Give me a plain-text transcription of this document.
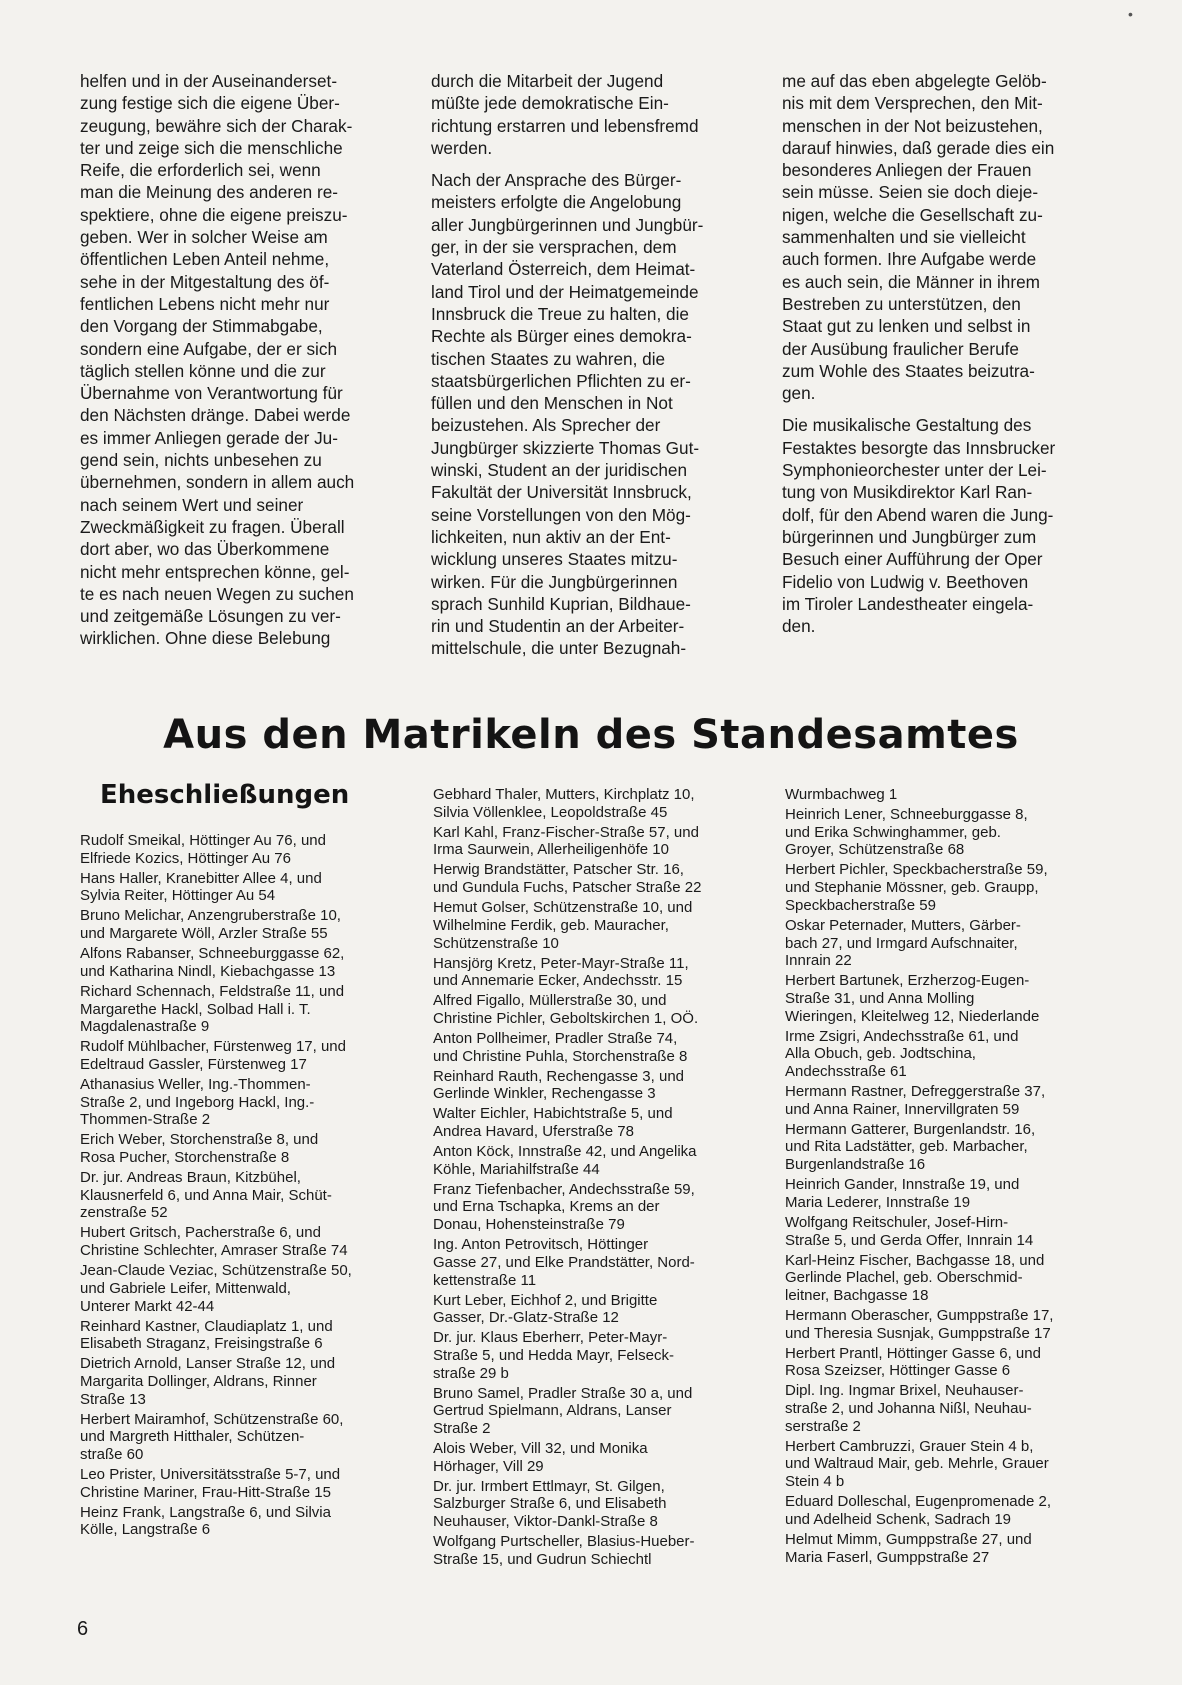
•

helfen und in der Auseinanderset-
zung festige sich die eigene Über-
zeugung, bewähre sich der Charak-
ter und zeige sich die menschliche
Reife, die erforderlich sei, wenn
man die Meinung des anderen re-
spektiere, ohne die eigene preiszu-
geben. Wer in solcher Weise am
öffentlichen Leben Anteil nehme,
sehe in der Mitgestaltung des öf-
fentlichen Lebens nicht mehr nur
den Vorgang der Stimmabgabe,
sondern eine Aufgabe, der er sich
täglich stellen könne und die zur
Übernahme von Verantwortung für
den Nächsten dränge. Dabei werde
es immer Anliegen gerade der Ju-
gend sein, nichts unbesehen zu
übernehmen, sondern in allem auch
nach seinem Wert und seiner
Zweckmäßigkeit zu fragen. Überall
dort aber, wo das Überkommene
nicht mehr entsprechen könne, gel-
te es nach neuen Wegen zu suchen
und zeitgemäße Lösungen zu ver-
wirklichen. Ohne diese Belebung

durch die Mitarbeit der Jugend
müßte jede demokratische Ein-
richtung erstarren und lebensfremd
werden.

Nach der Ansprache des Bürger-
meisters erfolgte die Angelobung
aller Jungbürgerinnen und Jungbür-
ger, in der sie versprachen, dem
Vaterland Österreich, dem Heimat-
land Tirol und der Heimatgemeinde
Innsbruck die Treue zu halten, die
Rechte als Bürger eines demokra-
tischen Staates zu wahren, die
staatsbürgerlichen Pflichten zu er-
füllen und den Menschen in Not
beizustehen. Als Sprecher der
Jungbürger skizzierte Thomas Gut-
winski, Student an der juridischen
Fakultät der Universität Innsbruck,
seine Vorstellungen von den Mög-
lichkeiten, nun aktiv an der Ent-
wicklung unseres Staates mitzu-
wirken. Für die Jungbürgerinnen
sprach Sunhild Kuprian, Bildhaue-
rin und Studentin an der Arbeiter-
mittelschule, die unter Bezugnah-

me auf das eben abgelegte Gelöb-
nis mit dem Versprechen, den Mit-
menschen in der Not beizustehen,
darauf hinwies, daß gerade dies ein
besonderes Anliegen der Frauen
sein müsse. Seien sie doch dieje-
nigen, welche die Gesellschaft zu-
sammenhalten und sie vielleicht
auch formen. Ihre Aufgabe werde
es auch sein, die Männer in ihrem
Bestreben zu unterstützen, den
Staat gut zu lenken und selbst in
der Ausübung fraulicher Berufe
zum Wohle des Staates beizutra-
gen.

Die musikalische Gestaltung des
Festaktes besorgte das Innsbrucker
Symphonieorchester unter der Lei-
tung von Musikdirektor Karl Ran-
dolf, für den Abend waren die Jung-
bürgerinnen und Jungbürger zum
Besuch einer Aufführung der Oper
Fidelio von Ludwig v. Beethoven
im Tiroler Landestheater eingela-
den.

Aus den Matrikeln des Standesamtes
Eheschließungen

Rudolf Smeikal, Höttinger Au 76, und
Elfriede Kozics, Höttinger Au 76

Hans Haller, Kranebitter Allee 4, und
Sylvia Reiter, Höttinger Au 54

Bruno Melichar, Anzengruberstraße 10,
und Margarete Wöll, Arzler Straße 55

Alfons Rabanser, Schneeburggasse 62,
und Katharina Nindl, Kiebachgasse 13

Richard Schennach, Feldstraße 11, und
Margarethe Hackl, Solbad Hall i. T.
Magdalenastraße 9

Rudolf Mühlbacher, Fürstenweg 17, und
Edeltraud Gassler, Fürstenweg 17

Athanasius Weller, Ing.-Thommen-
Straße 2, und Ingeborg Hackl, Ing.-
Thommen-Straße 2

Erich Weber, Storchenstraße 8, und
Rosa Pucher, Storchenstraße 8

Dr. jur. Andreas Braun, Kitzbühel,
Klausnerfeld 6, und Anna Mair, Schüt-
zenstraße 52

Hubert Gritsch, Pacherstraße 6, und
Christine Schlechter, Amraser Straße 74

Jean-Claude Veziac, Schützenstraße 50,
und Gabriele Leifer, Mittenwald,
Unterer Markt 42-44

Reinhard Kastner, Claudiaplatz 1, und
Elisabeth Straganz, Freisingstraße 6

Dietrich Arnold, Lanser Straße 12, und
Margarita Dollinger, Aldrans, Rinner
Straße 13

Herbert Mairamhof, Schützenstraße 60,
und Margreth Hitthaler, Schützen-
straße 60

Leo Prister, Universitätsstraße 5-7, und
Christine Mariner, Frau-Hitt-Straße 15

Heinz Frank, Langstraße 6, und Silvia
Kölle, Langstraße 6

Gebhard Thaler, Mutters, Kirchplatz 10,
Silvia Völlenklee, Leopoldstraße 45

Karl Kahl, Franz-Fischer-Straße 57, und
Irma Saurwein, Allerheiligenhöfe 10

Herwig Brandstätter, Patscher Str. 16,
und Gundula Fuchs, Patscher Straße 22

Hemut Golser, Schützenstraße 10, und
Wilhelmine Ferdik, geb. Mauracher,
Schützenstraße 10

Hansjörg Kretz, Peter-Mayr-Straße 11,
und Annemarie Ecker, Andechsstr. 15

Alfred Figallo, Müllerstraße 30, und
Christine Pichler, Geboltskirchen 1, OÖ.

Anton Pollheimer, Pradler Straße 74,
und Christine Puhla, Storchenstraße 8

Reinhard Rauth, Rechengasse 3, und
Gerlinde Winkler, Rechengasse 3

Walter Eichler, Habichtstraße 5, und
Andrea Havard, Uferstraße 78

Anton Köck, Innstraße 42, und Angelika
Köhle, Mariahilfstraße 44

Franz Tiefenbacher, Andechsstraße 59,
und Erna Tschapka, Krems an der
Donau, Hohensteinstraße 79

Ing. Anton Petrovitsch, Höttinger
Gasse 27, und Elke Prandstätter, Nord-
kettenstraße 11

Kurt Leber, Eichhof 2, und Brigitte
Gasser, Dr.-Glatz-Straße 12

Dr. jur. Klaus Eberherr, Peter-Mayr-
Straße 5, und Hedda Mayr, Felseck-
straße 29 b

Bruno Samel, Pradler Straße 30 a, und
Gertrud Spielmann, Aldrans, Lanser
Straße 2

Alois Weber, Vill 32, und Monika
Hörhager, Vill 29

Dr. jur. Irmbert Ettlmayr, St. Gilgen,
Salzburger Straße 6, und Elisabeth
Neuhauser, Viktor-Dankl-Straße 8

Wolfgang Purtscheller, Blasius-Hueber-
Straße 15, und Gudrun Schiechtl

Wurmbachweg 1

Heinrich Lener, Schneeburggasse 8,
und Erika Schwinghammer, geb.
Groyer, Schützenstraße 68

Herbert Pichler, Speckbacherstraße 59,
und Stephanie Mössner, geb. Graupp,
Speckbacherstraße 59

Oskar Peternader, Mutters, Gärber-
bach 27, und Irmgard Aufschnaiter,
Innrain 22

Herbert Bartunek, Erzherzog-Eugen-
Straße 31, und Anna Molling
Wieringen, Kleitelweg 12, Niederlande

Irme Zsigri, Andechsstraße 61, und
Alla Obuch, geb. Jodtschina,
Andechsstraße 61

Hermann Rastner, Defreggerstraße 37,
und Anna Rainer, Innervillgraten 59

Hermann Gatterer, Burgenlandstr. 16,
und Rita Ladstätter, geb. Marbacher,
Burgenlandstraße 16

Heinrich Gander, Innstraße 19, und
Maria Lederer, Innstraße 19

Wolfgang Reitschuler, Josef-Hirn-
Straße 5, und Gerda Offer, Innrain 14

Karl-Heinz Fischer, Bachgasse 18, und
Gerlinde Plachel, geb. Oberschmid-
leitner, Bachgasse 18

Hermann Oberascher, Gumppstraße 17,
und Theresia Susnjak, Gumppstraße 17

Herbert Prantl, Höttinger Gasse 6, und
Rosa Szeizser, Höttinger Gasse 6

Dipl. Ing. Ingmar Brixel, Neuhauser-
straße 2, und Johanna Nißl, Neuhau-
serstraße 2

Herbert Cambruzzi, Grauer Stein 4 b,
und Waltraud Mair, geb. Mehrle, Grauer
Stein 4 b

Eduard Dolleschal, Eugenpromenade 2,
und Adelheid Schenk, Sadrach 19

Helmut Mimm, Gumppstraße 27, und
Maria Faserl, Gumppstraße 27

6
